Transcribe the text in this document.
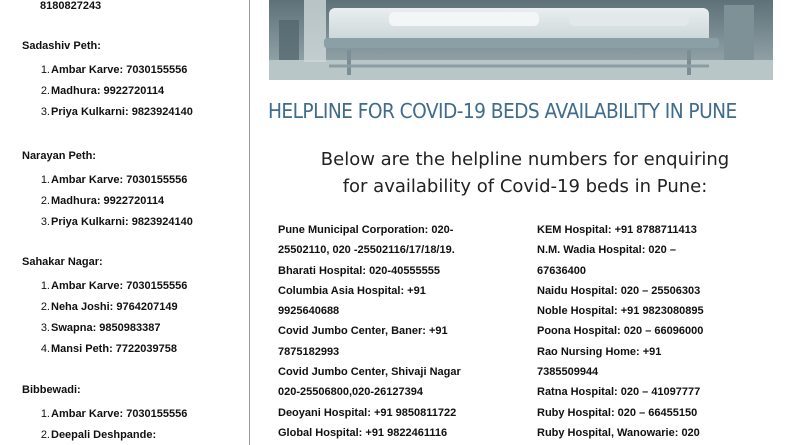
8180827243
Sadashiv Peth:
1.Ambar Karve: 7030155556
2.Madhura: 9922720114
3.Priya Kulkarni: 9823924140
Narayan Peth:
1.Ambar Karve: 7030155556
2.Madhura: 9922720114
3.Priya Kulkarni: 9823924140
Sahakar Nagar:
1.Ambar Karve: 7030155556
2.Neha Joshi: 9764207149
3.Swapna: 9850983387
4.Mansi Peth: 7722039758
Bibbewadi:
1.Ambar Karve: 7030155556
2.Deepali Deshpande:
HELPLINE FOR COVID-19 BEDS AVAILABILITY IN PUNE
Below are the helpline numbers for enquiring
for availability of Covid-19 beds in Pune:
Pune Municipal Corporation: 020-
25502110, 020 -25502116/17/18/19.
Bharati Hospital: 020-40555555
Columbia Asia Hospital: +91
9925640688
Covid Jumbo Center, Baner: +91
7875182993
Covid Jumbo Center, Shivaji Nagar
020-25506800,020-26127394
Deoyani Hospital: +91 9850811722
Global Hospital: +91 9822461116
KEM Hospital: +91 8788711413
N.M. Wadia Hospital: 020 –
67636400
Naidu Hospital: 020 – 25506303
Noble Hospital: +91 9823080895
Poona Hospital: 020 – 66096000
Rao Nursing Home: +91
7385509944
Ratna Hospital: 020 – 41097777
Ruby Hospital: 020 – 66455150
Ruby Hospital, Wanowarie: 020
